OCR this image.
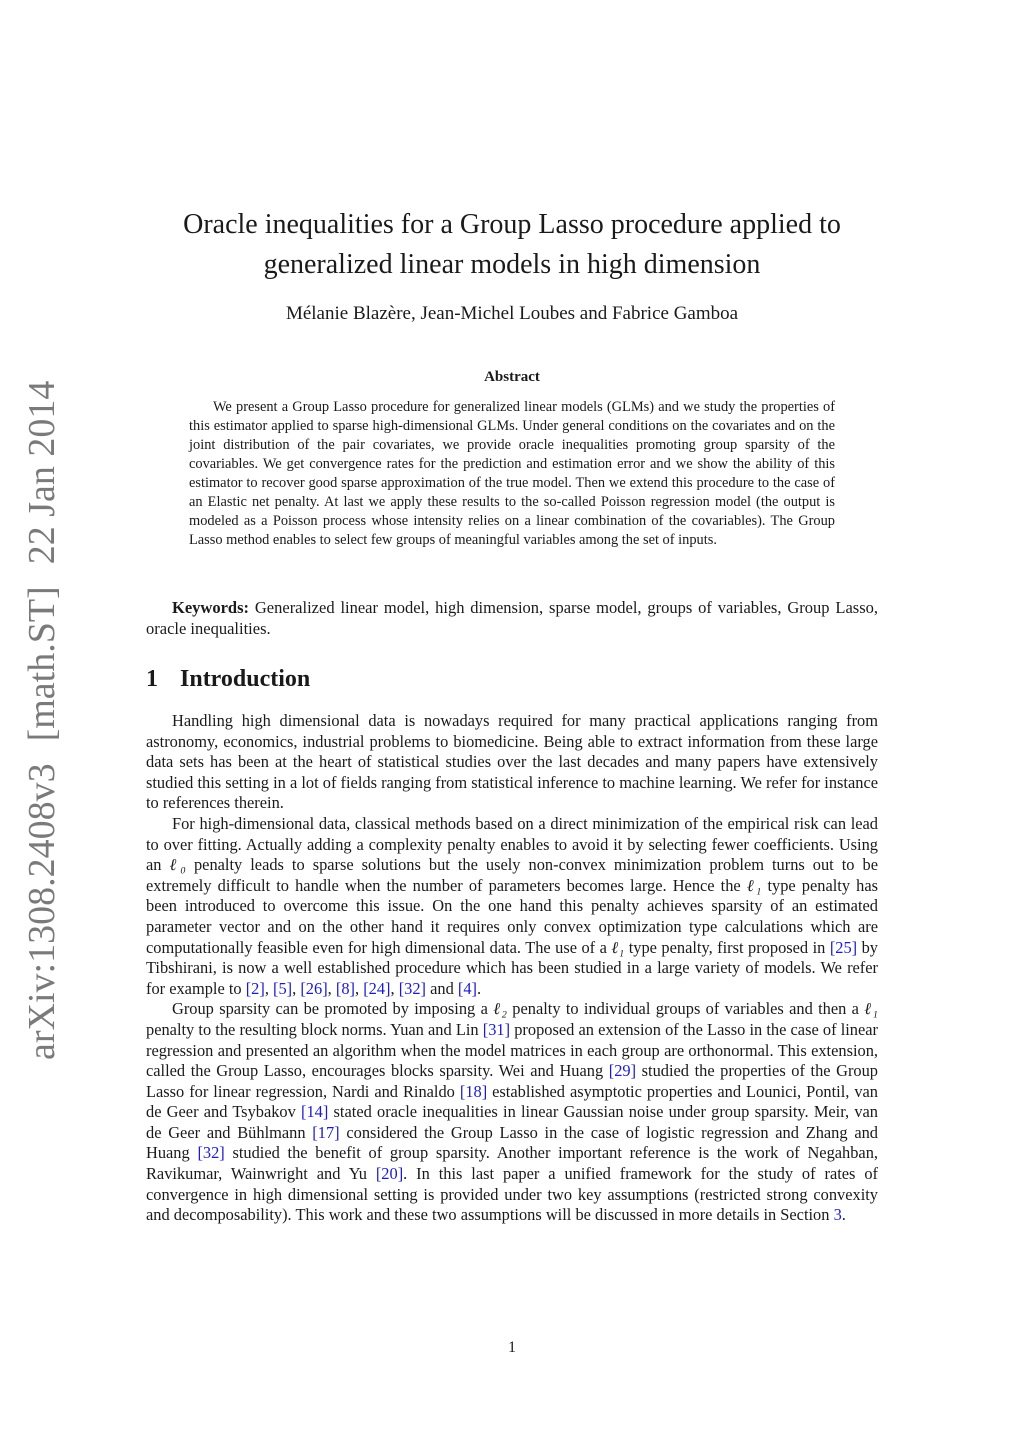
arXiv:1308.2408v3[math.ST]22 Jan 2014
Oracle inequalities for a Group Lasso procedure applied to generalized linear models in high dimension
Mélanie Blazère, Jean-Michel Loubes and Fabrice Gamboa
Abstract

We present a Group Lasso procedure for generalized linear models (GLMs) and we study the properties of this estimator applied to sparse high-dimensional GLMs. Under general conditions on the covariates and on the joint distribution of the pair covariates, we provide oracle inequalities promoting group sparsity of the covariables. We get convergence rates for the prediction and estimation error and we show the ability of this estimator to recover good sparse approximation of the true model. Then we extend this procedure to the case of an Elastic net penalty. At last we apply these results to the so-called Poisson regression model (the output is modeled as a Poisson process whose intensity relies on a linear combination of the covariables). The Group Lasso method enables to select few groups of meaningful variables among the set of inputs.

Keywords: Generalized linear model, high dimension, sparse model, groups of variables, Group Lasso, oracle inequalities.

1 Introduction

Handling high dimensional data is nowadays required for many practical applications ranging from astronomy, economics, industrial problems to biomedicine. Being able to extract information from these large data sets has been at the heart of statistical studies over the last decades and many papers have extensively studied this setting in a lot of fields ranging from statistical inference to machine learning. We refer for instance to references therein.

For high-dimensional data, classical methods based on a direct minimization of the empirical risk can lead to over fitting. Actually adding a complexity penalty enables to avoid it by selecting fewer coefficients. Using an ℓ₀ penalty leads to sparse solutions but the usely non-convex minimization problem turns out to be extremely difficult to handle when the number of parameters becomes large. Hence the ℓ₁ type penalty has been introduced to overcome this issue. On the one hand this penalty achieves sparsity of an estimated parameter vector and on the other hand it requires only convex optimization type calculations which are computationally feasible even for high dimensional data. The use of a ℓ₁ type penalty, first proposed in [25] by Tibshirani, is now a well established procedure which has been studied in a large variety of models. We refer for example to [2], [5], [26], [8], [24], [32] and [4].

Group sparsity can be promoted by imposing a ℓ₂ penalty to individual groups of variables and then a ℓ₁ penalty to the resulting block norms. Yuan and Lin [31] proposed an extension of the Lasso in the case of linear regression and presented an algorithm when the model matrices in each group are orthonormal. This extension, called the Group Lasso, encourages blocks sparsity. Wei and Huang [29] studied the properties of the Group Lasso for linear regression, Nardi and Rinaldo [18] established asymptotic properties and Lounici, Pontil, van de Geer and Tsybakov [14] stated oracle inequalities in linear Gaussian noise under group sparsity. Meir, van de Geer and Bühlmann [17] considered the Group Lasso in the case of logistic regression and Zhang and Huang [32] studied the benefit of group sparsity. Another important reference is the work of Negahban, Ravikumar, Wainwright and Yu [20]. In this last paper a unified framework for the study of rates of convergence in high dimensional setting is provided under two key assumptions (restricted strong convexity and decomposability). This work and these two assumptions will be discussed in more details in Section 3.

1
